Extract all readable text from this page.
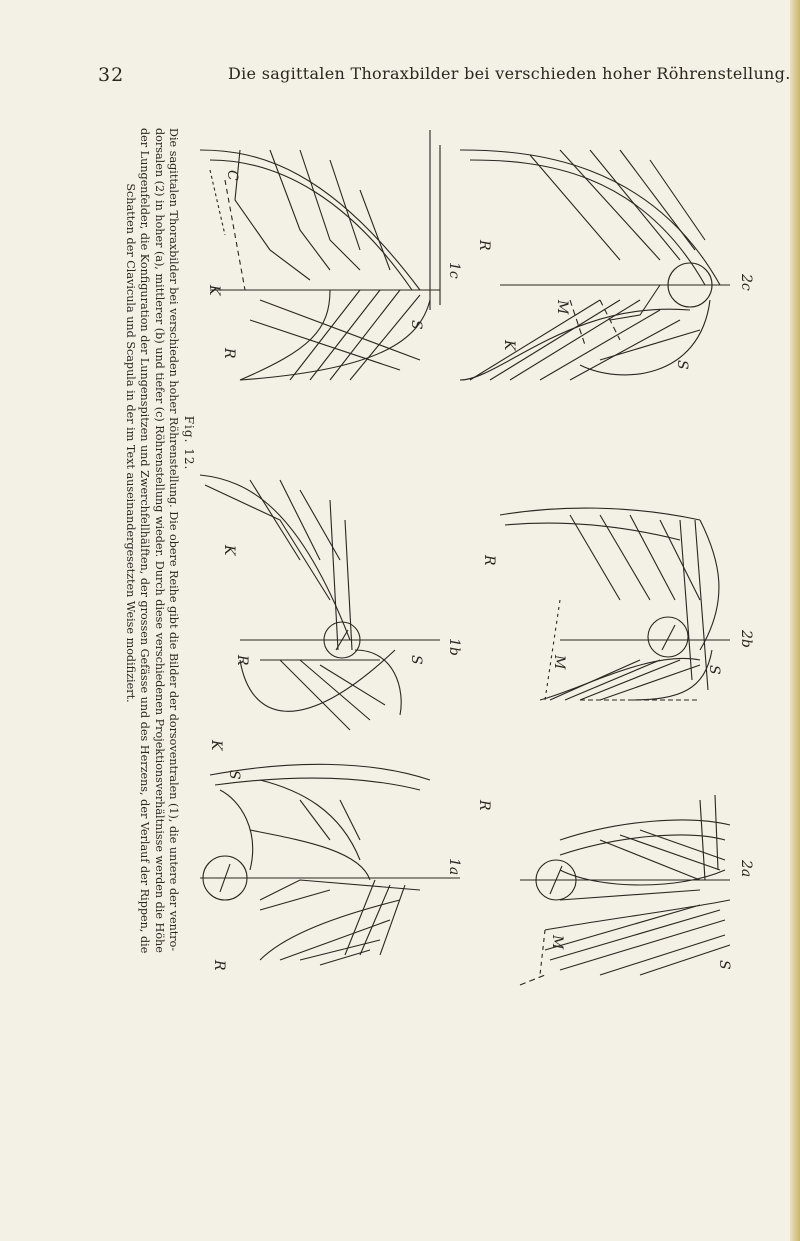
32	Die sagittalen Thoraxbilder bei verschieden hoher Röhrenstellung.
Fig. 12.
Die sagittalen Thoraxbilder bei verschieden hoher Röhrenstellung. Die obere Reihe gibt die Bilder der dorsoventralen (1), die untere der ventro-
dorsalen (2) in hoher (a), mittlerer (b) und tiefer (c) Röhrenstellung wieder. Durch diese verschiedenen Projektionsverhältnisse werden die Höhe
der Lungenfelder, die Konfiguration der Lungenspitzen und Zwerchfellhälften, der grossen Gefässe und des Herzens, der Verlauf der Rippen, die
Schatten der Clavicula und Scapula in der im Text auseinandergesetzten Weise modifiziert.	K
S
C
R
K
R	S
S
K
R
R
M
S
K
R
M
S
R
M
S
2c
2b
2a
1c
1b
1a
